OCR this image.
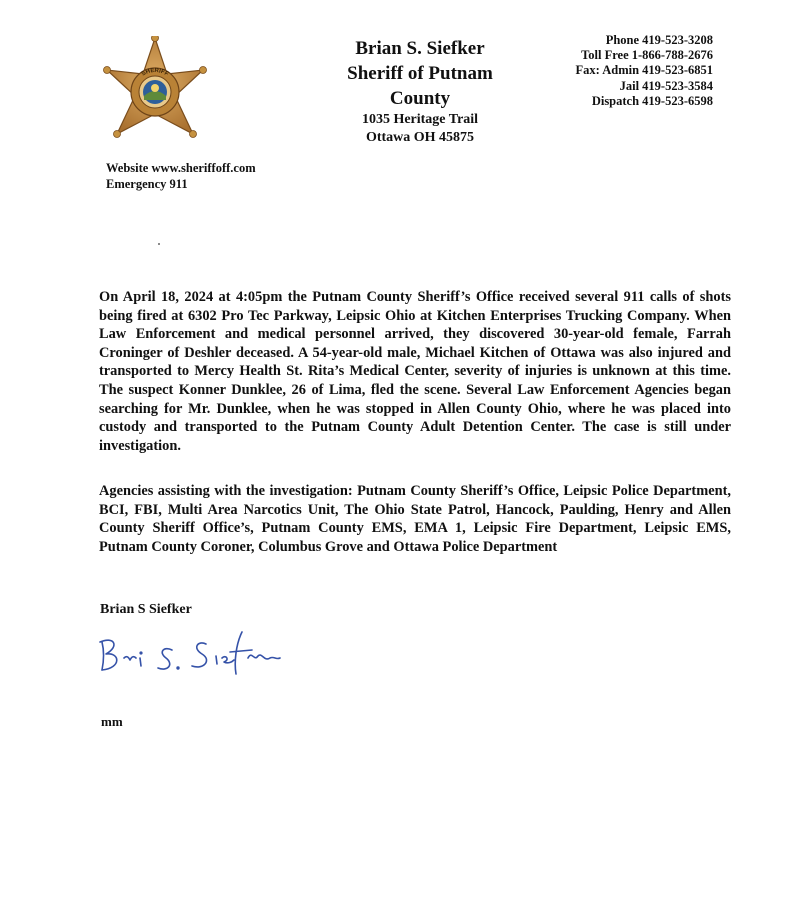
SHERIFF
Website www.sheriffoff.com
Emergency 911
Brian S. Siefker
Sheriff of Putnam
County
1035 Heritage Trail
Ottawa OH 45875
Phone 419-523-3208
Toll Free 1-866-788-2676
Fax: Admin 419-523-6851
Jail 419-523-3584
Dispatch 419-523-6598
On April 18, 2024 at 4:05pm the Putnam County Sheriff’s Office received several 911 calls of shots being fired at 6302 Pro Tec Parkway, Leipsic Ohio at Kitchen Enterprises Trucking Company. When Law Enforcement and medical personnel arrived, they discovered 30-year-old female, Farrah Croninger of Deshler deceased. A 54-year-old male, Michael Kitchen of Ottawa was also injured and transported to Mercy Health St. Rita’s Medical Center, severity of injuries is unknown at this time. The suspect Konner Dunklee, 26 of Lima, fled the scene. Several Law Enforcement Agencies began searching for Mr. Dunklee, when he was stopped in Allen County Ohio, where he was placed into custody and transported to the Putnam County Adult Detention Center. The case is still under investigation.
Agencies assisting with the investigation: Putnam County Sheriff’s Office, Leipsic Police Department, BCI, FBI, Multi Area Narcotics Unit, The Ohio State Patrol, Hancock, Paulding, Henry and Allen County Sheriff Office’s, Putnam County EMS, EMA 1, Leipsic Fire Department, Leipsic EMS, Putnam County Coroner, Columbus Grove and Ottawa Police Department
Brian S Siefker
mm
